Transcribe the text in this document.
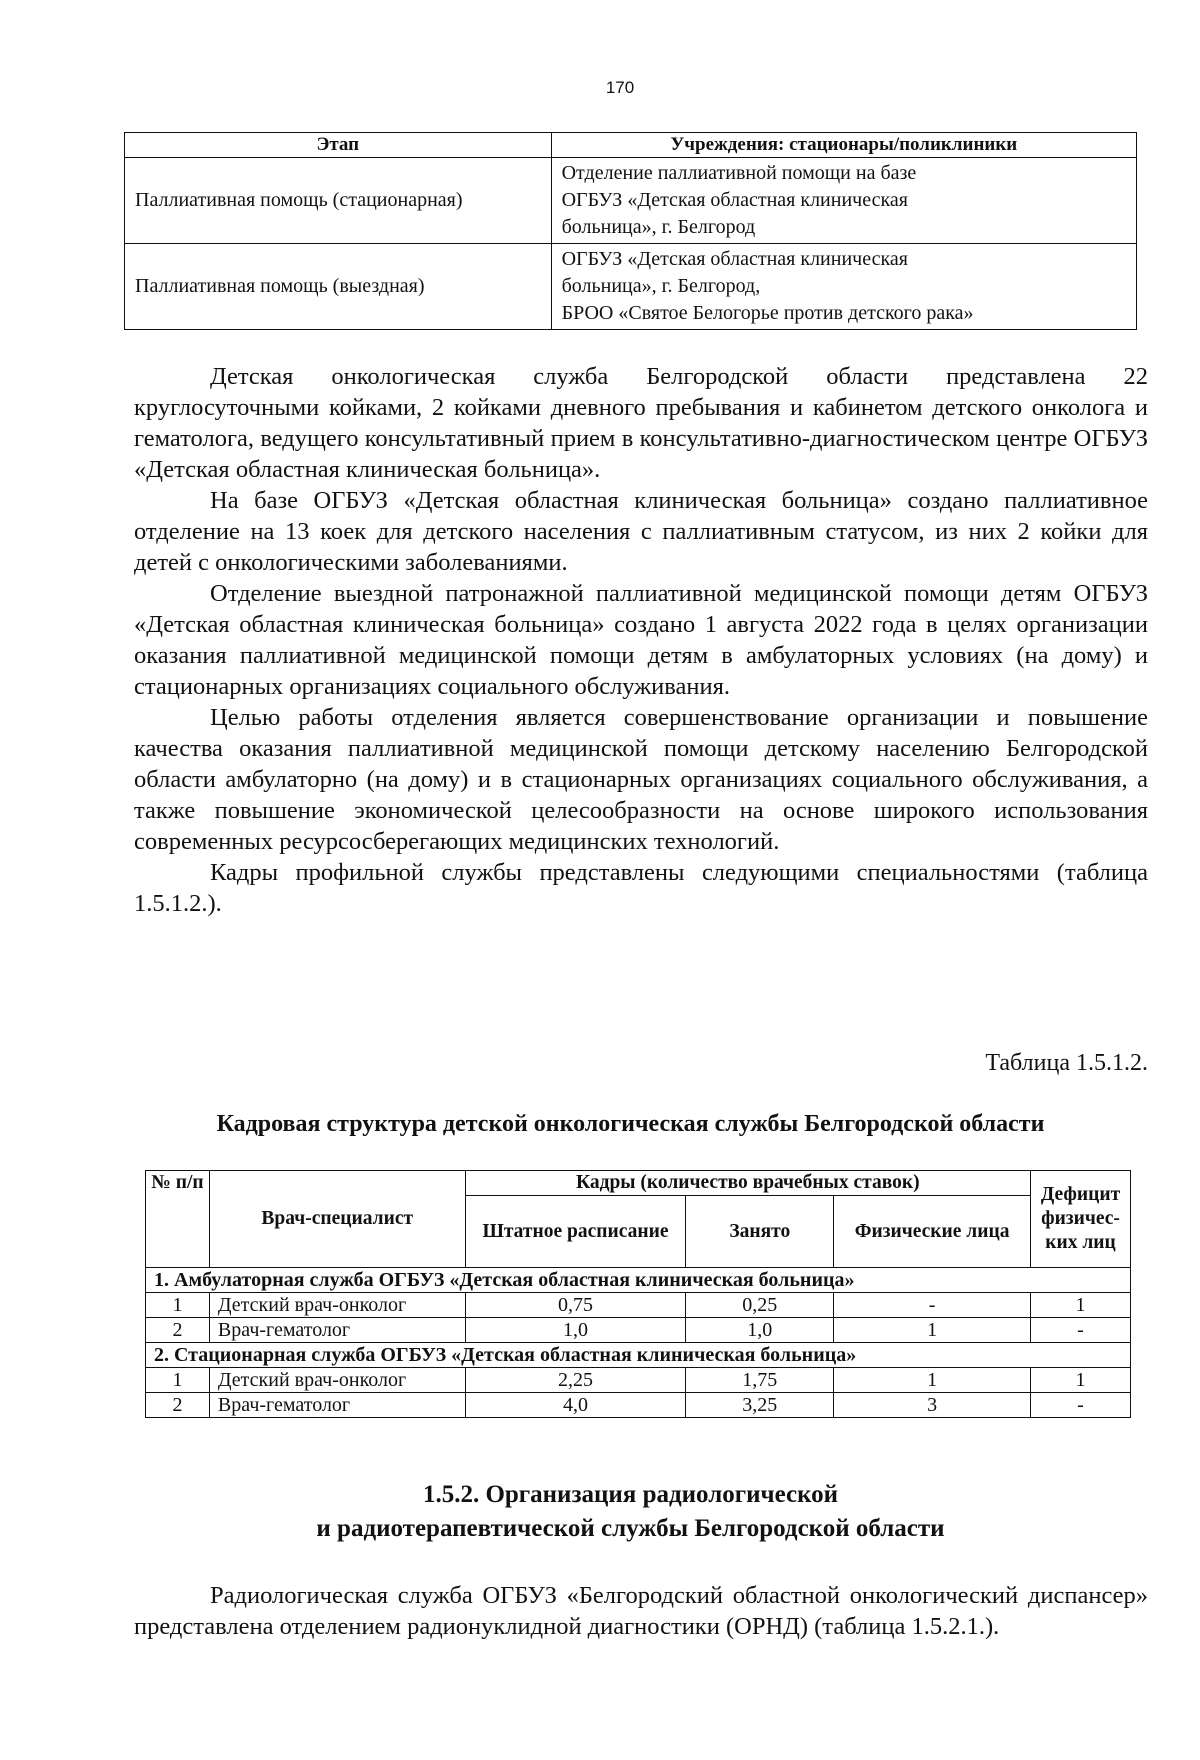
170
Этап	Учреждения: стационары/поликлиники
Паллиативная помощь (стационарная)	Отделение паллиативной помощи на базе
ОГБУЗ «Детская областная клиническая
больница», г. Белгород

Паллиативная помощь (выездная)	ОГБУЗ «Детская областная клиническая
больница», г. Белгород,
БРОО «Святое Белогорье против детского рака»

Детская онкологическая служба Белгородской области представлена 22 круглосуточными койками, 2 койками дневного пребывания и кабинетом детского онколога и гематолога, ведущего консультативный прием в консультативно-диагностическом центре ОГБУЗ «Детская областная клиническая больница».

На базе ОГБУЗ «Детская областная клиническая больница» создано паллиативное отделение на 13 коек для детского населения с паллиативным статусом, из них 2 койки для детей с онкологическими заболеваниями.

Отделение выездной патронажной паллиативной медицинской помощи детям ОГБУЗ «Детская областная клиническая больница» создано 1 августа 2022 года в целях организации оказания паллиативной медицинской помощи детям в амбулаторных условиях (на дому) и стационарных организациях социального обслуживания.

Целью работы отделения является совершенствование организации и повышение качества оказания паллиативной медицинской помощи детскому населению Белгородской области амбулаторно (на дому) и в стационарных организациях социального обслуживания, а также повышение экономической целесообразности на основе широкого использования современных ресурсосберегающих медицинских технологий.

Кадры профильной службы представлены следующими специальностями (таблица 1.5.1.2.).

Таблица 1.5.1.2.
Кадровая структура детской онкологическая службы Белгородской области
№ п/п	Врач-специалист	Кадры (количество врачебных ставок)			Дефицит физичес-ких лиц
		Штатное расписание	Занято	Физические лица	
1. Амбулаторная служба ОГБУЗ «Детская областная клиническая больница»					
1	Детский врач-онколог	0,75	0,25	-	1
2	Врач-гематолог	1,0	1,0	1	-
2. Стационарная служба ОГБУЗ «Детская областная клиническая больница»					
1	Детский врач-онколог	2,25	1,75	1	1
2	Врач-гематолог	4,0	3,25	3	-
1.5.2. Организация радиологической
и радиотерапевтической службы Белгородской области

Радиологическая служба ОГБУЗ «Белгородский областной онкологический диспансер» представлена отделением радионуклидной диагностики (ОРНД) (таблица 1.5.2.1.).
